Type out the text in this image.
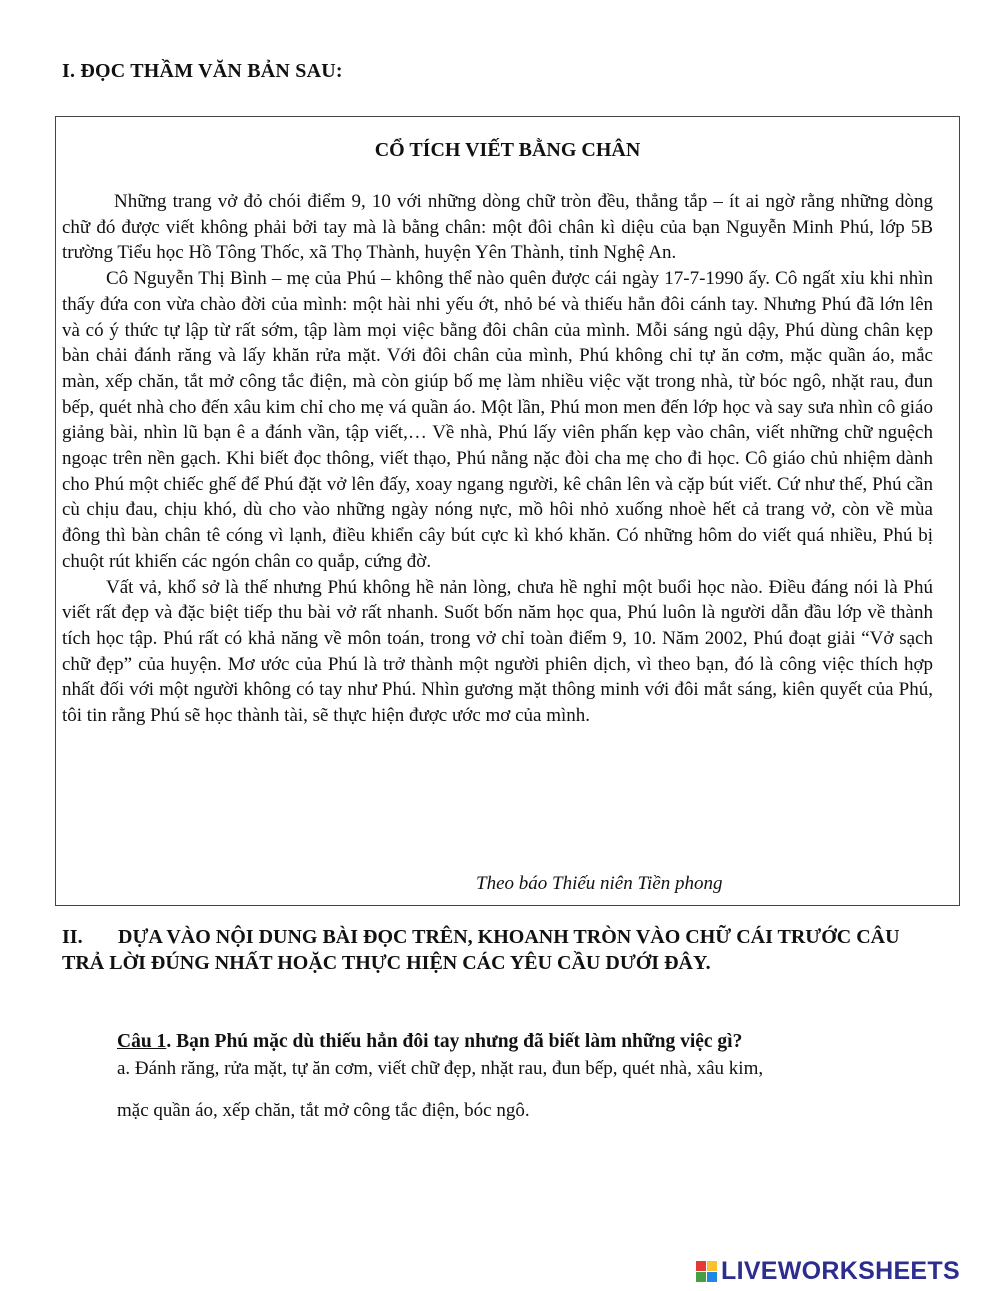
I. ĐỌC THẦM VĂN BẢN SAU:
CỔ TÍCH VIẾT BẰNG CHÂN

Những trang vở đỏ chói điểm 9, 10 với những dòng chữ tròn đều, thẳng tắp – ít ai ngờ rằng những dòng chữ đó được viết không phải bởi tay mà là bằng chân: một đôi chân kì diệu của bạn Nguyễn Minh Phú, lớp 5B trường Tiểu học Hồ Tông Thốc, xã Thọ Thành, huyện Yên Thành, tỉnh Nghệ An.

Cô Nguyễn Thị Bình – mẹ của Phú – không thể nào quên được cái ngày 17-7-1990 ấy. Cô ngất xỉu khi nhìn thấy đứa con vừa chào đời của mình: một hài nhi yếu ớt, nhỏ bé và thiếu hẳn đôi cánh tay. Nhưng Phú đã lớn lên và có ý thức tự lập từ rất sớm, tập làm mọi việc bằng đôi chân của mình. Mỗi sáng ngủ dậy, Phú dùng chân kẹp bàn chải đánh răng và lấy khăn rửa mặt. Với đôi chân của mình, Phú không chỉ tự ăn cơm, mặc quần áo, mắc màn, xếp chăn, tắt mở công tắc điện, mà còn giúp bố mẹ làm nhiều việc vặt trong nhà, từ bóc ngô, nhặt rau, đun bếp, quét nhà cho đến xâu kim chỉ cho mẹ vá quần áo. Một lần, Phú mon men đến lớp học và say sưa nhìn cô giáo giảng bài, nhìn lũ bạn ê a đánh vần, tập viết,… Về nhà, Phú lấy viên phấn kẹp vào chân, viết những chữ nguệch ngoạc trên nền gạch. Khi biết đọc thông, viết thạo, Phú nằng nặc đòi cha mẹ cho đi học. Cô giáo chủ nhiệm dành cho Phú một chiếc ghế để Phú đặt vở lên đấy, xoay ngang người, kê chân lên và cặp bút viết. Cứ như thế, Phú cần cù chịu đau, chịu khó, dù cho vào những ngày nóng nực, mồ hôi nhỏ xuống nhoè hết cả trang vở, còn về mùa đông thì bàn chân tê cóng vì lạnh, điều khiển cây bút cực kì khó khăn. Có những hôm do viết quá nhiều, Phú bị chuột rút khiến các ngón chân co quắp, cứng đờ.

Vất vả, khổ sở là thế nhưng Phú không hề nản lòng, chưa hề nghỉ một buổi học nào. Điều đáng nói là Phú viết rất đẹp và đặc biệt tiếp thu bài vở rất nhanh. Suốt bốn năm học qua, Phú luôn là người dẫn đầu lớp về thành tích học tập. Phú rất có khả năng về môn toán, trong vở chỉ toàn điểm 9, 10. Năm 2002, Phú đoạt giải “Vở sạch chữ đẹp” của huyện. Mơ ước của Phú là trở thành một người phiên dịch, vì theo bạn, đó là công việc thích hợp nhất đối với một người không có tay như Phú. Nhìn gương mặt thông minh với đôi mắt sáng, kiên quyết của Phú, tôi tin rằng Phú sẽ học thành tài, sẽ thực hiện được ước mơ của mình.

Theo báo Thiếu niên Tiền phong
II. DỰA VÀO NỘI DUNG BÀI ĐỌC TRÊN, KHOANH TRÒN VÀO CHỮ CÁI TRƯỚC CÂU TRẢ LỜI ĐÚNG NHẤT HOẶC THỰC HIỆN CÁC YÊU CẦU DƯỚI ĐÂY.
Câu 1. Bạn Phú mặc dù thiếu hẳn đôi tay nhưng đã biết làm những việc gì?
a. Đánh răng, rửa mặt, tự ăn cơm, viết chữ đẹp, nhặt rau, đun bếp, quét nhà, xâu kim,
mặc quần áo, xếp chăn, tắt mở công tắc điện, bóc ngô.
LIVEWORKSHEETS
